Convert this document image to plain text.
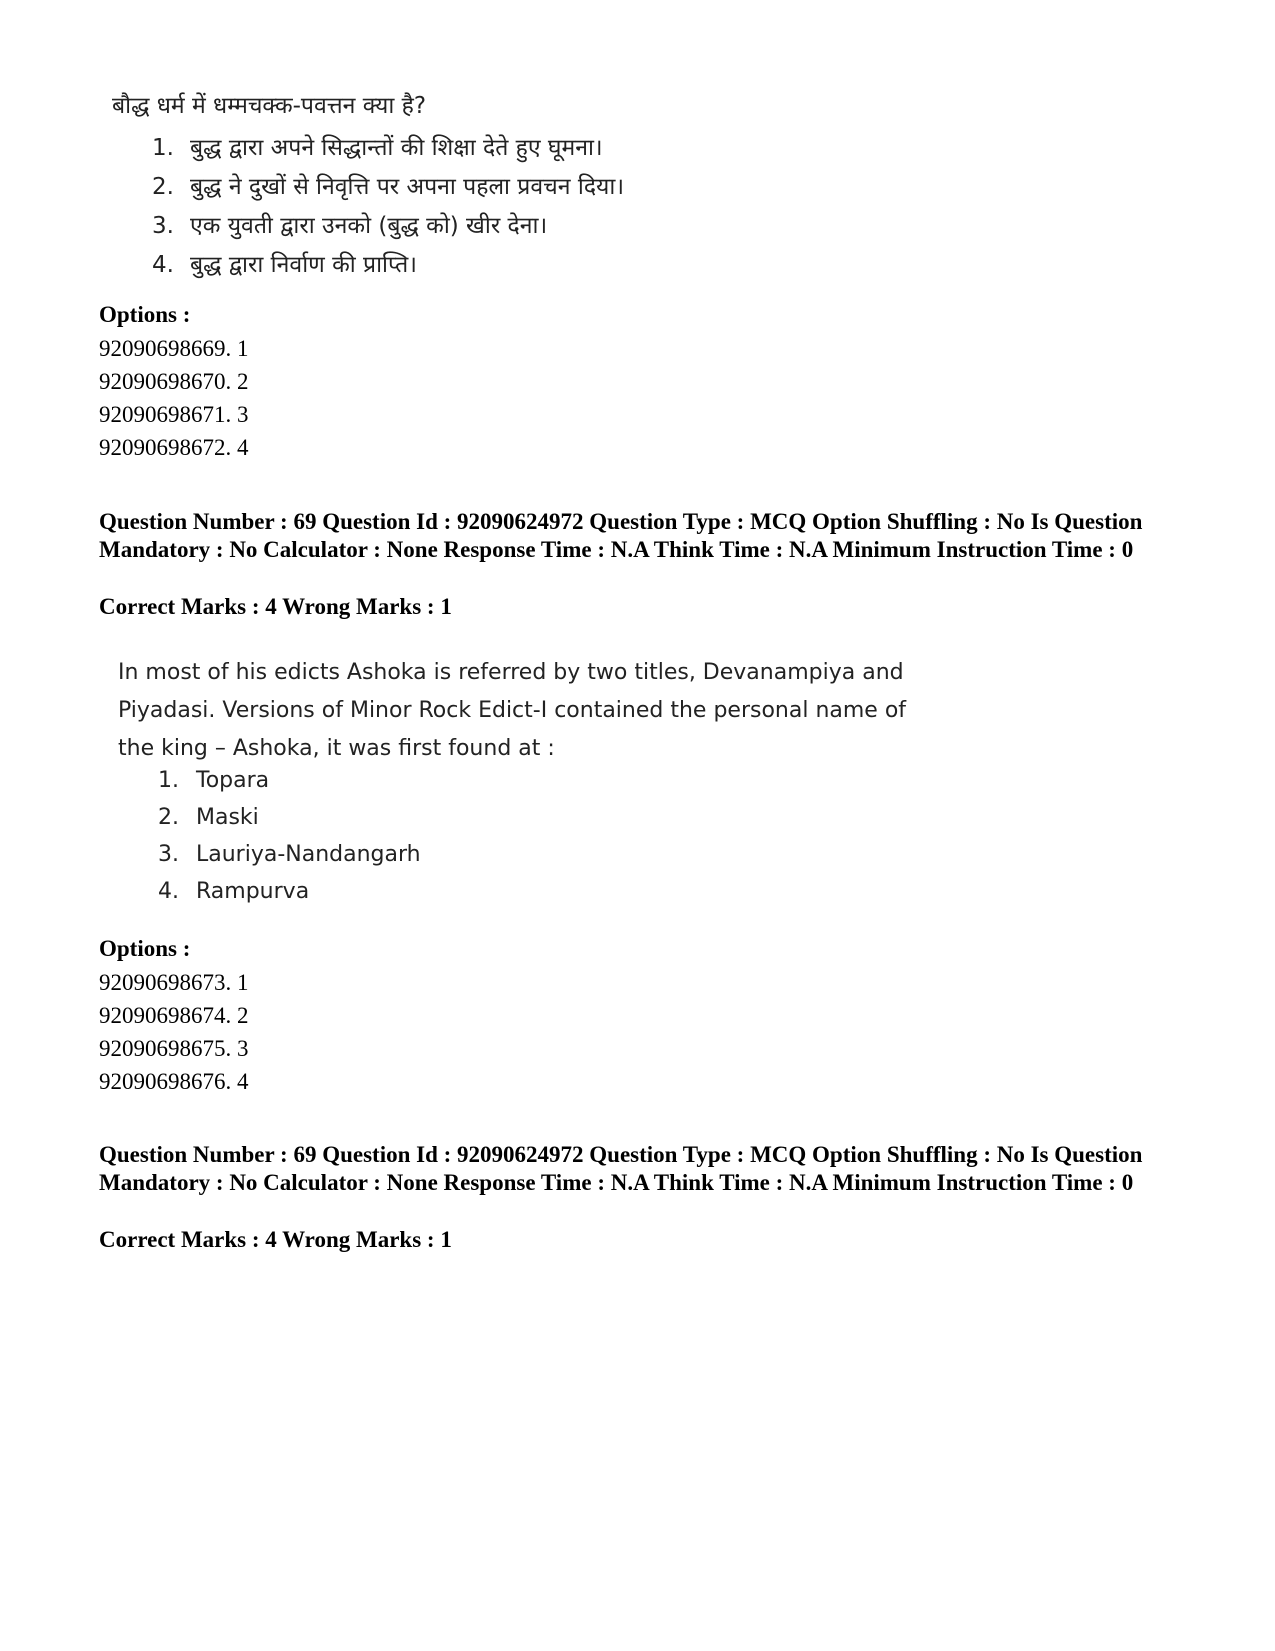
बौद्ध धर्म में धम्मचक्क-पवत्तन क्या है?
1. बुद्ध द्वारा अपने सिद्धान्तों की शिक्षा देते हुए घूमना।
2. बुद्ध ने दुखों से निवृत्ति पर अपना पहला प्रवचन दिया।
3. एक युवती द्वारा उनको (बुद्ध को) खीर देना।
4. बुद्ध द्वारा निर्वाण की प्राप्ति।
Options :
92090698669. 1
92090698670. 2
92090698671. 3
92090698672. 4
Question Number : 69 Question Id : 92090624972 Question Type : MCQ Option Shuffling : No Is Question Mandatory : No Calculator : None Response Time : N.A Think Time : N.A Minimum Instruction Time : 0
Correct Marks : 4 Wrong Marks : 1
In most of his edicts Ashoka is referred by two titles, Devanampiya and Piyadasi. Versions of Minor Rock Edict-I contained the personal name of the king – Ashoka, it was first found at :
1. Topara
2. Maski
3. Lauriya-Nandangarh
4. Rampurva
Options :
92090698673. 1
92090698674. 2
92090698675. 3
92090698676. 4
Question Number : 69 Question Id : 92090624972 Question Type : MCQ Option Shuffling : No Is Question Mandatory : No Calculator : None Response Time : N.A Think Time : N.A Minimum Instruction Time : 0
Correct Marks : 4 Wrong Marks : 1
